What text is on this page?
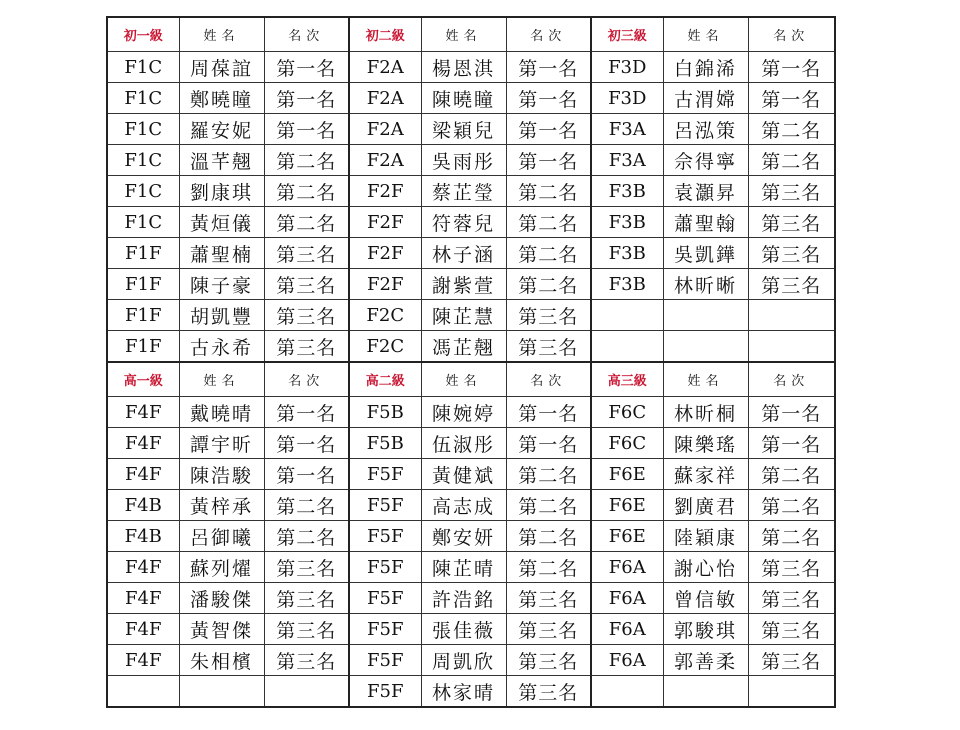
初一級	姓名	名次	初二級	姓名	名次	初三級	姓名	名次
F1C	周葆誼	第一名	F2A	楊恩淇	第一名	F3D	白錦浠	第一名
F1C	鄭曉瞳	第一名	F2A	陳曉瞳	第一名	F3D	古渭嫦	第一名
F1C	羅安妮	第一名	F2A	梁穎兒	第一名	F3A	呂泓策	第二名
F1C	溫芊翹	第二名	F2A	吳雨彤	第一名	F3A	佘得寧	第二名
F1C	劉康琪	第二名	F2F	蔡芷瑩	第二名	F3B	袁灝昇	第三名
F1C	黃烜儀	第二名	F2F	符蓉兒	第二名	F3B	蕭聖翰	第三名
F1F	蕭聖楠	第三名	F2F	林子涵	第二名	F3B	吳凱鏵	第三名
F1F	陳子豪	第三名	F2F	謝紫萱	第二名	F3B	林昕晰	第三名
F1F	胡凱豐	第三名	F2C	陳芷慧	第三名			
F1F	古永希	第三名	F2C	馮芷翹	第三名			
高一級	姓名	名次	高二級	姓名	名次	高三級	姓名	名次
F4F	戴曉晴	第一名	F5B	陳婉婷	第一名	F6C	林昕桐	第一名
F4F	譚宇昕	第一名	F5B	伍淑彤	第一名	F6C	陳樂瑤	第一名
F4F	陳浩駿	第一名	F5F	黃健斌	第二名	F6E	蘇家祥	第二名
F4B	黃梓承	第二名	F5F	高志成	第二名	F6E	劉廣君	第二名
F4B	呂御曦	第二名	F5F	鄭安妍	第二名	F6E	陸穎康	第二名
F4F	蘇列燿	第三名	F5F	陳芷晴	第二名	F6A	謝心怡	第三名
F4F	潘駿傑	第三名	F5F	許浩銘	第三名	F6A	曾信敏	第三名
F4F	黃智傑	第三名	F5F	張佳薇	第三名	F6A	郭駿琪	第三名
F4F	朱相檳	第三名	F5F	周凱欣	第三名	F6A	郭善柔	第三名
			F5F	林家晴	第三名			
